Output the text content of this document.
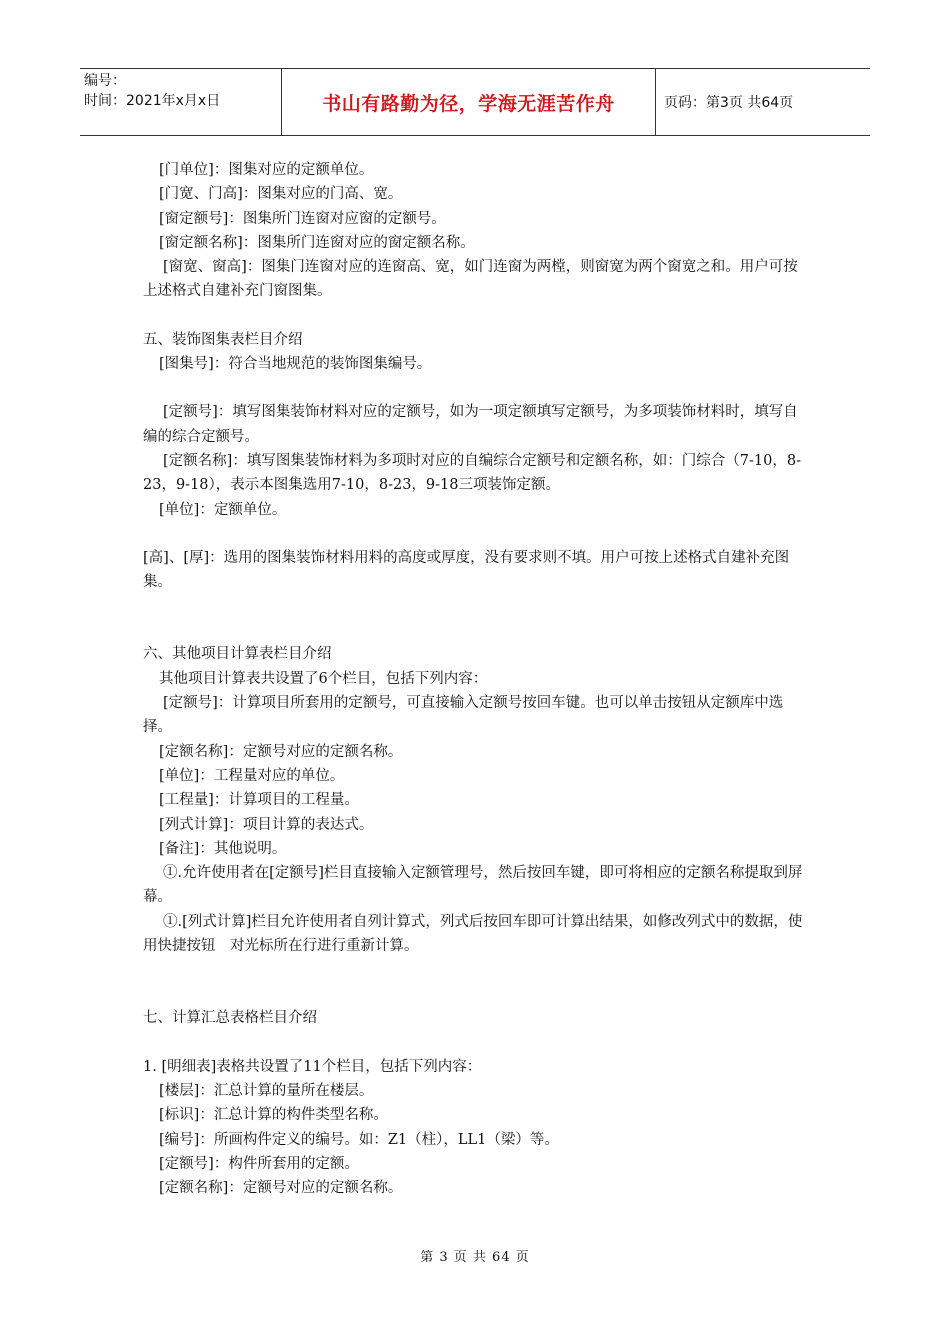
编号：
时间：2021年x月x日	书山有路勤为径，学海无涯苦作舟	页码：第3页 共64页

[门单位]：图集对应的定额单位。

[门宽、门高]：图集对应的门高、宽。

[窗定额号]：图集所门连窗对应窗的定额号。

[窗定额名称]：图集所门连窗对应的窗定额名称。

[窗宽、窗高]：图集门连窗对应的连窗高、宽，如门连窗为两樘，则窗宽为两个窗宽之和。用户可按上述格式自建补充门窗图集。

五、装饰图集表栏目介绍

[图集号]：符合当地规范的装饰图集编号。

[定额号]：填写图集装饰材料对应的定额号，如为一项定额填写定额号，为多项装饰材料时，填写自编的综合定额号。

[定额名称]：填写图集装饰材料为多项时对应的自编综合定额号和定额名称，如：门综合（7-10，8-23，9-18），表示本图集选用7-10，8-23，9-18三项装饰定额。

[单位]：定额单位。

[高]、[厚]：选用的图集装饰材料用料的高度或厚度，没有要求则不填。用户可按上述格式自建补充图集。

六、其他项目计算表栏目介绍

其他项目计算表共设置了6个栏目，包括下列内容：

[定额号]：计算项目所套用的定额号，可直接输入定额号按回车键。也可以单击按钮从定额库中选择。

[定额名称]：定额号对应的定额名称。

[单位]：工程量对应的单位。

[工程量]：计算项目的工程量。

[列式计算]：项目计算的表达式。

[备注]：其他说明。

①.允许使用者在[定额号]栏目直接输入定额管理号，然后按回车键，即可将相应的定额名称提取到屏幕。

①.[列式计算]栏目允许使用者自列计算式，列式后按回车即可计算出结果，如修改列式中的数据，使用快捷按钮　对光标所在行进行重新计算。

七、计算汇总表格栏目介绍

1. [明细表]表格共设置了11个栏目，包括下列内容：

[楼层]：汇总计算的量所在楼层。

[标识]：汇总计算的构件类型名称。

[编号]：所画构件定义的编号。如：Z1（柱），LL1（梁）等。

[定额号]：构件所套用的定额。

[定额名称]：定额号对应的定额名称。

第 3 页 共 64 页
